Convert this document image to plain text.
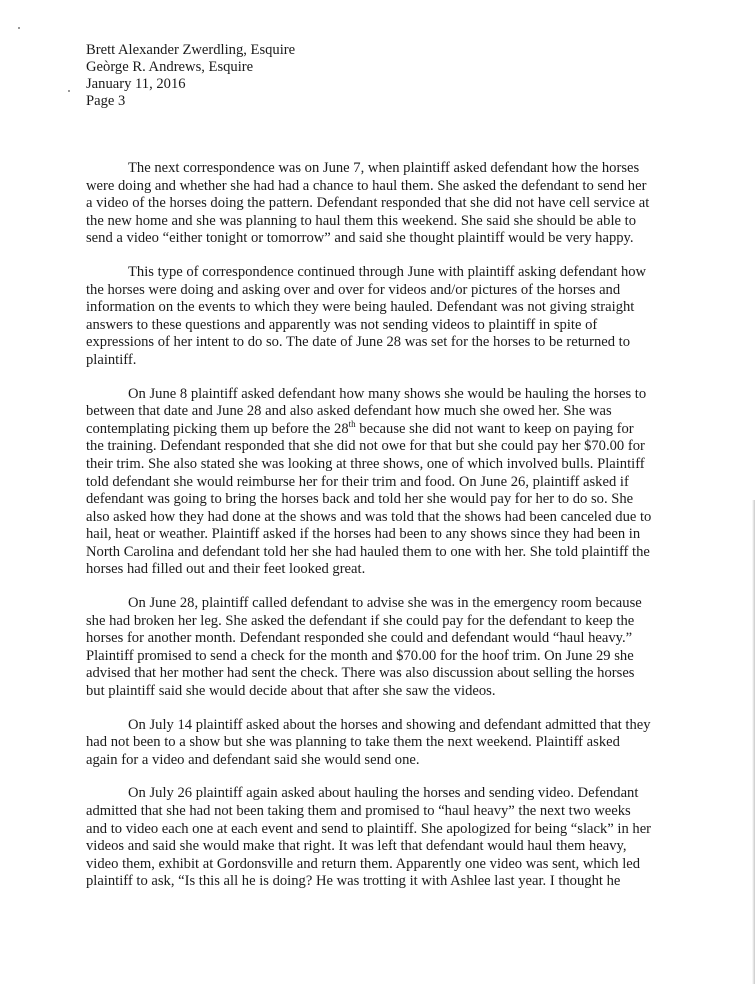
Brett Alexander Zwerdling, Esquire
Geòrge R. Andrews, Esquire
January 11, 2016
Page 3

The next correspondence was on June 7, when plaintiff asked defendant how the horses
were doing and whether she had had a chance to haul them. She asked the defendant to send her
a video of the horses doing the pattern. Defendant responded that she did not have cell service at
the new home and she was planning to haul them this weekend. She said she should be able to
send a video “either tonight or tomorrow” and said she thought plaintiff would be very happy.

This type of correspondence continued through June with plaintiff asking defendant how
the horses were doing and asking over and over for videos and/or pictures of the horses and
information on the events to which they were being hauled. Defendant was not giving straight
answers to these questions and apparently was not sending videos to plaintiff in spite of
expressions of her intent to do so. The date of June 28 was set for the horses to be returned to
plaintiff.

On June 8 plaintiff asked defendant how many shows she would be hauling the horses to
between that date and June 28 and also asked defendant how much she owed her. She was
contemplating picking them up before the 28th because she did not want to keep on paying for
the training. Defendant responded that she did not owe for that but she could pay her $70.00 for
their trim. She also stated she was looking at three shows, one of which involved bulls. Plaintiff
told defendant she would reimburse her for their trim and food. On June 26, plaintiff asked if
defendant was going to bring the horses back and told her she would pay for her to do so. She
also asked how they had done at the shows and was told that the shows had been canceled due to
hail, heat or weather. Plaintiff asked if the horses had been to any shows since they had been in
North Carolina and defendant told her she had hauled them to one with her. She told plaintiff the
horses had filled out and their feet looked great.

On June 28, plaintiff called defendant to advise she was in the emergency room because
she had broken her leg. She asked the defendant if she could pay for the defendant to keep the
horses for another month. Defendant responded she could and defendant would “haul heavy.”
Plaintiff promised to send a check for the month and $70.00 for the hoof trim. On June 29 she
advised that her mother had sent the check. There was also discussion about selling the horses
but plaintiff said she would decide about that after she saw the videos.

On July 14 plaintiff asked about the horses and showing and defendant admitted that they
had not been to a show but she was planning to take them the next weekend. Plaintiff asked
again for a video and defendant said she would send one.

On July 26 plaintiff again asked about hauling the horses and sending video. Defendant
admitted that she had not been taking them and promised to “haul heavy” the next two weeks
and to video each one at each event and send to plaintiff. She apologized for being “slack” in her
videos and said she would make that right. It was left that defendant would haul them heavy,
video them, exhibit at Gordonsville and return them. Apparently one video was sent, which led
plaintiff to ask, “Is this all he is doing? He was trotting it with Ashlee last year. I thought he
